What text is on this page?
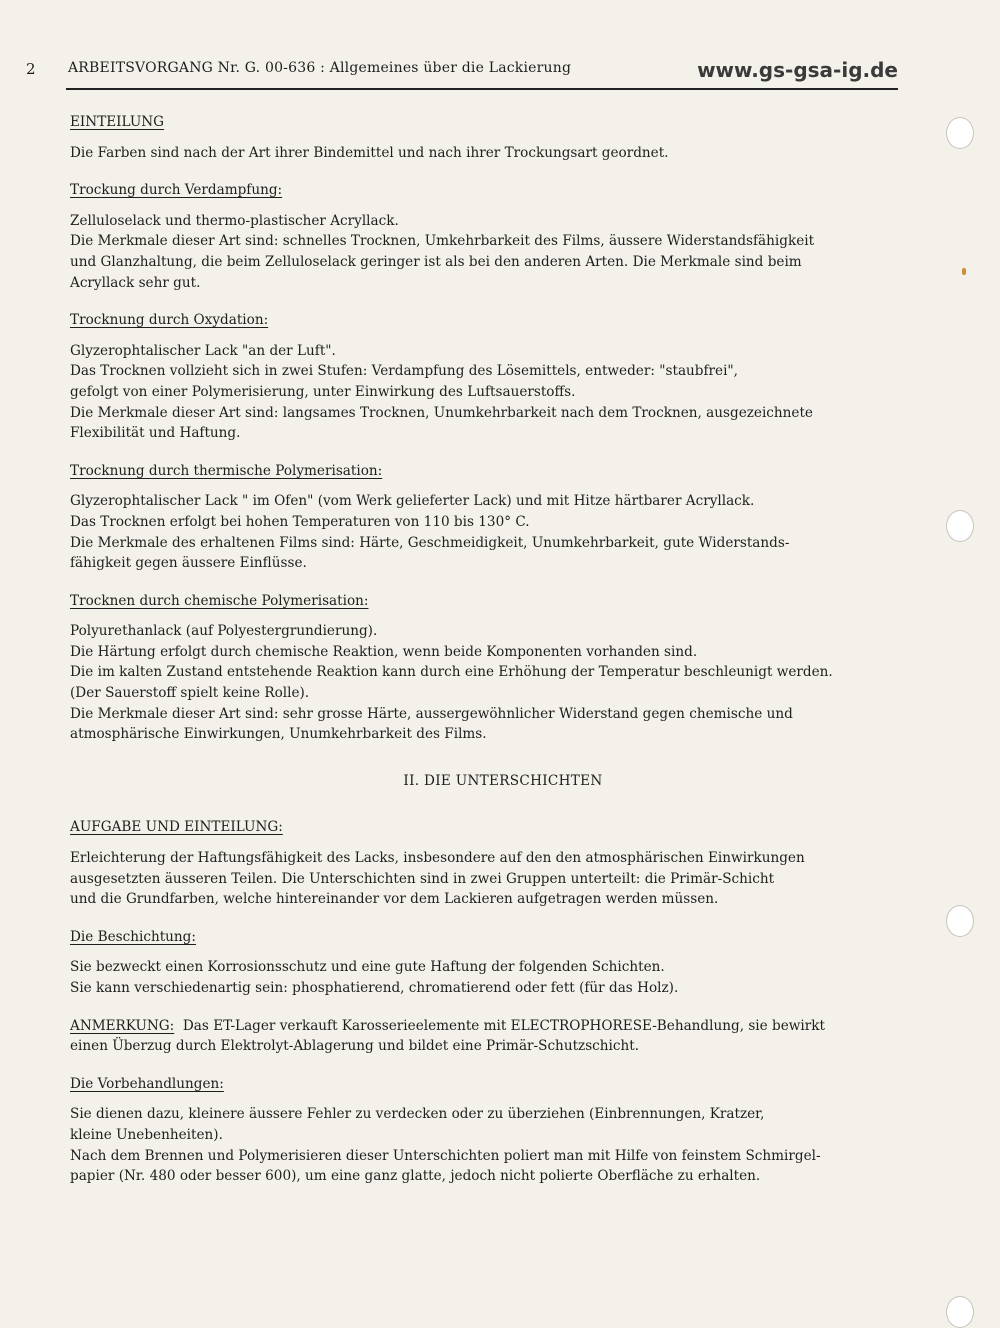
2 ARBEITSVORGANG Nr. G. 00-636 : Allgemeines über die Lackierung	www.gs-gsa-ig.de
EINTEILUNG
Die Farben sind nach der Art ihrer Bindemittel und nach ihrer Trockungsart geordnet.
Trockung durch Verdampfung:
Zelluloselack und thermo-plastischer Acryllack.
Die Merkmale dieser Art sind: schnelles Trocknen, Umkehrbarkeit des Films, äussere Widerstandsfähigkeit
und Glanzhaltung, die beim Zelluloselack geringer ist als bei den anderen Arten. Die Merkmale sind beim
Acryllack sehr gut.
Trocknung durch Oxydation:
Glyzerophtalischer Lack "an der Luft".
Das Trocknen vollzieht sich in zwei Stufen: Verdampfung des Lösemittels, entweder: "staubfrei",
gefolgt von einer Polymerisierung, unter Einwirkung des Luftsauerstoffs.
Die Merkmale dieser Art sind: langsames Trocknen, Unumkehrbarkeit nach dem Trocknen, ausgezeichnete
Flexibilität und Haftung.
Trocknung durch thermische Polymerisation:
Glyzerophtalischer Lack " im Ofen" (vom Werk gelieferter Lack) und mit Hitze härtbarer Acryllack.
Das Trocknen erfolgt bei hohen Temperaturen von 110 bis 130° C.
Die Merkmale des erhaltenen Films sind: Härte, Geschmeidigkeit, Unumkehrbarkeit, gute Widerstands-
fähigkeit gegen äussere Einflüsse.
Trocknen durch chemische Polymerisation:
Polyurethanlack (auf Polyestergrundierung).
Die Härtung erfolgt durch chemische Reaktion, wenn beide Komponenten vorhanden sind.
Die im kalten Zustand entstehende Reaktion kann durch eine Erhöhung der Temperatur beschleunigt werden.
(Der Sauerstoff spielt keine Rolle).
Die Merkmale dieser Art sind: sehr grosse Härte, aussergewöhnlicher Widerstand gegen chemische und
atmosphärische Einwirkungen, Unumkehrbarkeit des Films.
II. DIE UNTERSCHICHTEN
AUFGABE UND EINTEILUNG:
Erleichterung der Haftungsfähigkeit des Lacks, insbesondere auf den den atmosphärischen Einwirkungen
ausgesetzten äusseren Teilen. Die Unterschichten sind in zwei Gruppen unterteilt: die Primär-Schicht
und die Grundfarben, welche hintereinander vor dem Lackieren aufgetragen werden müssen.
Die Beschichtung:
Sie bezweckt einen Korrosionsschutz und eine gute Haftung der folgenden Schichten.
Sie kann verschiedenartig sein: phosphatierend, chromatierend oder fett (für das Holz).
ANMERKUNG: Das ET-Lager verkauft Karosserieelemente mit ELECTROPHORESE-Behandlung, sie bewirkt
einen Überzug durch Elektrolyt-Ablagerung und bildet eine Primär-Schutzschicht.
Die Vorbehandlungen:
Sie dienen dazu, kleinere äussere Fehler zu verdecken oder zu überziehen (Einbrennungen, Kratzer,
kleine Unebenheiten).
Nach dem Brennen und Polymerisieren dieser Unterschichten poliert man mit Hilfe von feinstem Schmirgel-
papier (Nr. 480 oder besser 600), um eine ganz glatte, jedoch nicht polierte Oberfläche zu erhalten.
